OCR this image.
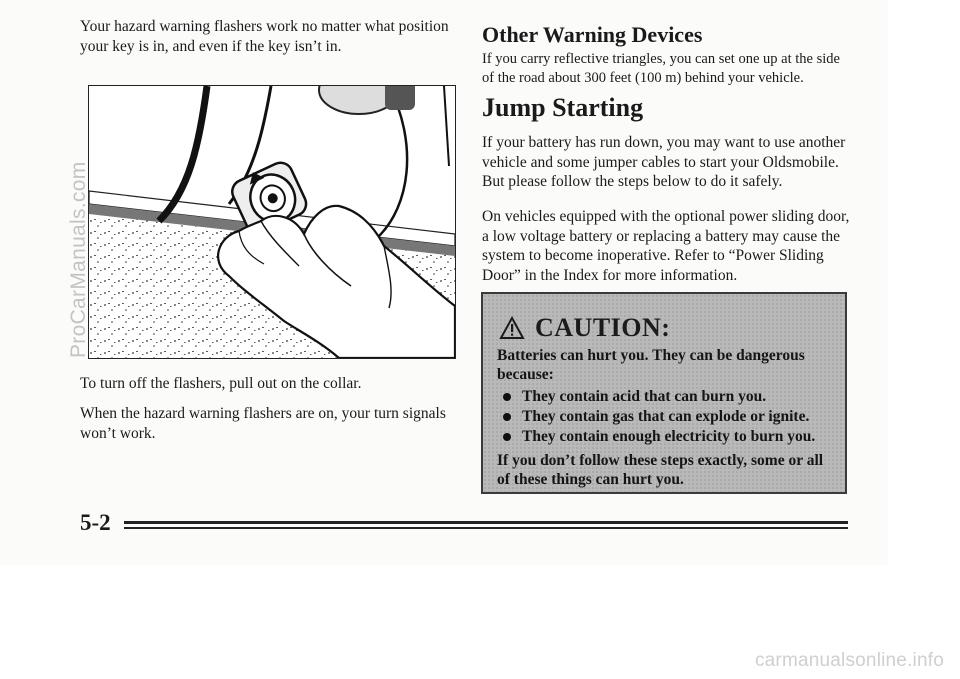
Your hazard warning flashers work no matter what position your key is in, and even if the key isn’t in.

To turn off the flashers, pull out on the collar.

When the hazard warning flashers are on, your turn signals won’t work.

Other Warning Devices

If you carry reflective triangles, you can set one up at the side of the road about 300 feet (100 m) behind your vehicle.

Jump Starting

If your battery has run down, you may want to use another vehicle and some jumper cables to start your Oldsmobile. But please follow the steps below to do it safely.

On vehicles equipped with the optional power sliding door, a low voltage battery or replacing a battery may cause the system to become inoperative. Refer to “Power Sliding Door” in the Index for more information.

CAUTION:
Batteries can hurt you. They can be dangerous because:
They contain acid that can burn you.
They contain gas that can explode or ignite.
They contain enough electricity to burn you.
If you don’t follow these steps exactly, some or all of these things can hurt you.
5-2
ProCarManuals.com
carmanualsonline.info
